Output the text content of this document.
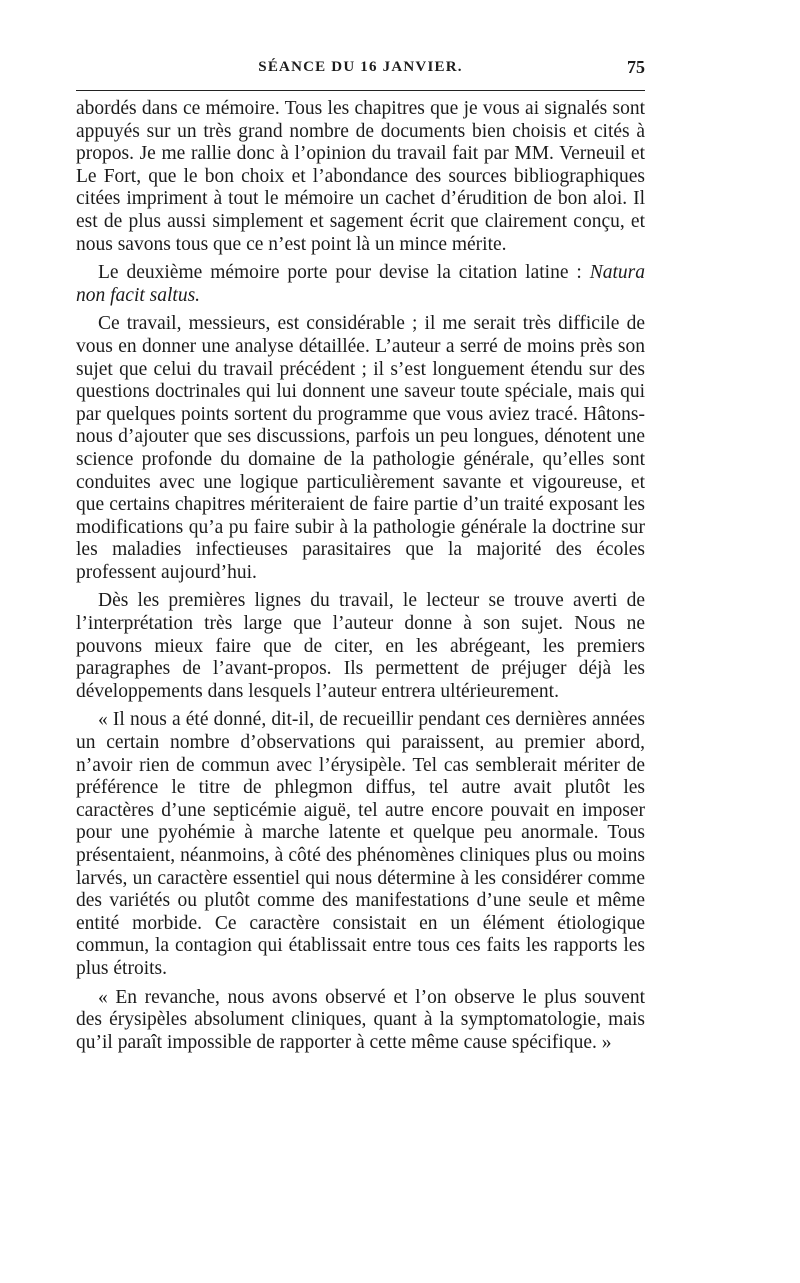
SÉANCE DU 16 JANVIER.	75

abordés dans ce mémoire. Tous les chapitres que je vous ai signalés sont appuyés sur un très grand nombre de documents bien choisis et cités à propos. Je me rallie donc à l’opinion du travail fait par MM. Verneuil et Le Fort, que le bon choix et l’abondance des sources bibliographiques citées impriment à tout le mémoire un cachet d’érudition de bon aloi. Il est de plus aussi simplement et sagement écrit que clairement conçu, et nous savons tous que ce n’est point là un mince mérite.

Le deuxième mémoire porte pour devise la citation latine : Natura non facit saltus.

Ce travail, messieurs, est considérable ; il me serait très difficile de vous en donner une analyse détaillée. L’auteur a serré de moins près son sujet que celui du travail précédent ; il s’est longuement étendu sur des questions doctrinales qui lui donnent une saveur toute spéciale, mais qui par quelques points sortent du programme que vous aviez tracé. Hâtons-nous d’ajouter que ses discussions, parfois un peu longues, dénotent une science profonde du domaine de la pathologie générale, qu’elles sont conduites avec une logique particulièrement savante et vigoureuse, et que certains chapitres mériteraient de faire partie d’un traité exposant les modifications qu’a pu faire subir à la pathologie générale la doctrine sur les maladies infectieuses parasitaires que la majorité des écoles professent aujourd’hui.

Dès les premières lignes du travail, le lecteur se trouve averti de l’interprétation très large que l’auteur donne à son sujet. Nous ne pouvons mieux faire que de citer, en les abrégeant, les premiers paragraphes de l’avant-propos. Ils permettent de préjuger déjà les développements dans lesquels l’auteur entrera ultérieurement.

« Il nous a été donné, dit-il, de recueillir pendant ces dernières années un certain nombre d’observations qui paraissent, au premier abord, n’avoir rien de commun avec l’érysipèle. Tel cas semblerait mériter de préférence le titre de phlegmon diffus, tel autre avait plutôt les caractères d’une septicémie aiguë, tel autre encore pouvait en imposer pour une pyohémie à marche latente et quelque peu anormale. Tous présentaient, néanmoins, à côté des phénomènes cliniques plus ou moins larvés, un caractère essentiel qui nous détermine à les considérer comme des variétés ou plutôt comme des manifestations d’une seule et même entité morbide. Ce caractère consistait en un élément étiologique commun, la contagion qui établissait entre tous ces faits les rapports les plus étroits.

« En revanche, nous avons observé et l’on observe le plus souvent des érysipèles absolument cliniques, quant à la symptomatologie, mais qu’il paraît impossible de rapporter à cette même cause spécifique. »
